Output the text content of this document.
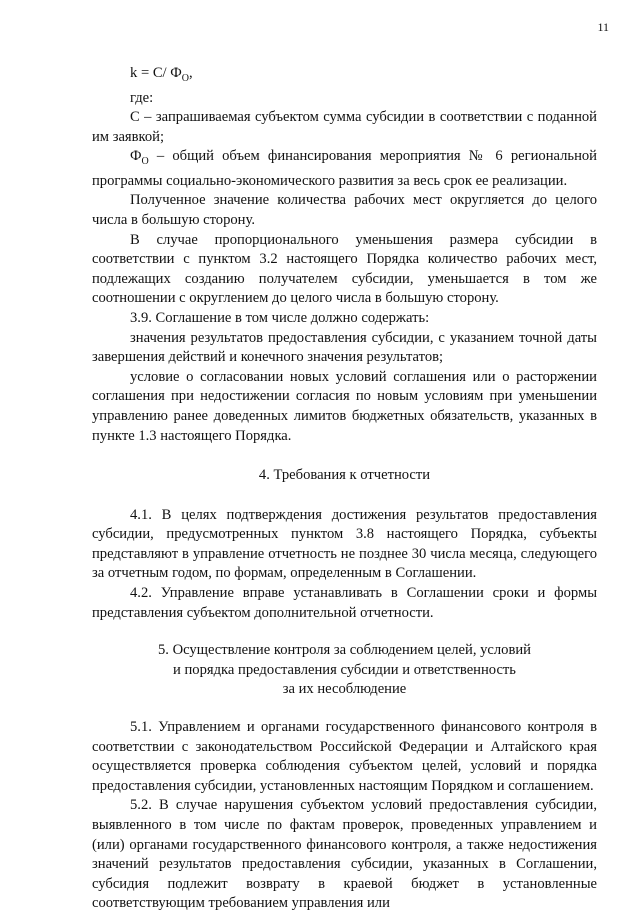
11
k = C/ $Ф_O$,

где:

С – запрашиваемая субъектом сумма субсидии в соответствии с поданной им заявкой;

$Ф_O$ – общий объем финансирования мероприятия № 6 региональной программы социально-экономического развития за весь срок ее реализации.

Полученное значение количества рабочих мест округляется до целого числа в большую сторону.

В случае пропорционального уменьшения размера субсидии в соответствии с пунктом 3.2 настоящего Порядка количество рабочих мест, подлежащих созданию получателем субсидии, уменьшается в том же соотношении с округлением до целого числа в большую сторону.

3.9. Соглашение в том числе должно содержать:

значения результатов предоставления субсидии, с указанием точной даты завершения действий и конечного значения результатов;

условие о согласовании новых условий соглашения или о расторжении соглашения при недостижении согласия по новым условиям при уменьшении управлению ранее доведенных лимитов бюджетных обязательств, указанных в пункте 1.3 настоящего Порядка.

4. Требования к отчетности

4.1. В целях подтверждения достижения результатов предоставления субсидии, предусмотренных пунктом 3.8 настоящего Порядка, субъекты представляют в управление отчетность не позднее 30 числа месяца, следующего за отчетным годом, по формам, определенным в Соглашении.

4.2. Управление вправе устанавливать в Соглашении сроки и формы представления субъектом дополнительной отчетности.

5. Осуществление контроля за соблюдением целей, условий
и порядка предоставления субсидии и ответственность
за их несоблюдение

5.1. Управлением и органами государственного финансового контроля в соответствии с законодательством Российской Федерации и Алтайского края осуществляется проверка соблюдения субъектом целей, условий и порядка предоставления субсидии, установленных настоящим Порядком и соглашением.

5.2. В случае нарушения субъектом условий предоставления субсидии, выявленного в том числе по фактам проверок, проведенных управлением и (или) органами государственного финансового контроля, а также недостижения значений результатов предоставления субсидии, указанных в Соглашении, субсидия подлежит возврату в краевой бюджет в установленные соответствующим требованием управления или
